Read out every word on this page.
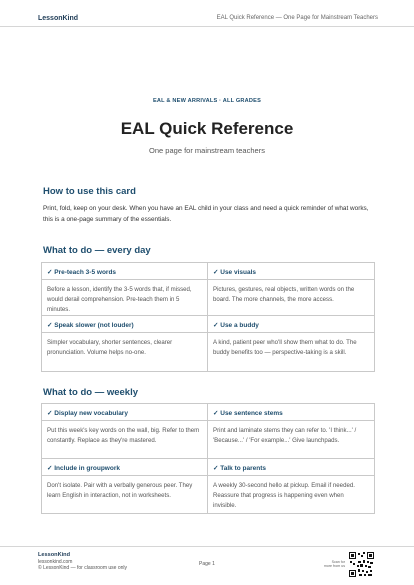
LessonKind	EAL Quick Reference — One Page for Mainstream Teachers
EAL & NEW ARRIVALS · ALL GRADES
EAL Quick Reference
One page for mainstream teachers
How to use this card
Print, fold, keep on your desk. When you have an EAL child in your class and need a quick reminder of what works, this is a one-page summary of the essentials.
What to do — every day
✓ Pre-teach 3-5 words
Before a lesson, identify the 3-5 words that, if missed, would derail comprehension. Pre-teach them in 5 minutes.
✓ Use visuals
Pictures, gestures, real objects, written words on the board. The more channels, the more access.
✓ Speak slower (not louder)
Simpler vocabulary, shorter sentences, clearer pronunciation. Volume helps no-one.
✓ Use a buddy
A kind, patient peer who'll show them what to do. The buddy benefits too — perspective-taking is a skill.
What to do — weekly
✓ Display new vocabulary
Put this week's key words on the wall, big. Refer to them constantly. Replace as they're mastered.
✓ Use sentence stems
Print and laminate stems they can refer to. 'I think...' / 'Because...' / 'For example...' Give launchpads.
✓ Include in groupwork
Don't isolate. Pair with a verbally generous peer. They learn English in interaction, not in worksheets.
✓ Talk to parents
A weekly 30-second hello at pickup. Email if needed. Reassure that progress is happening even when invisible.
LessonKind
lessonkind.com
© LessonKind — for classroom use only
Page 1	Scan for
more from us
